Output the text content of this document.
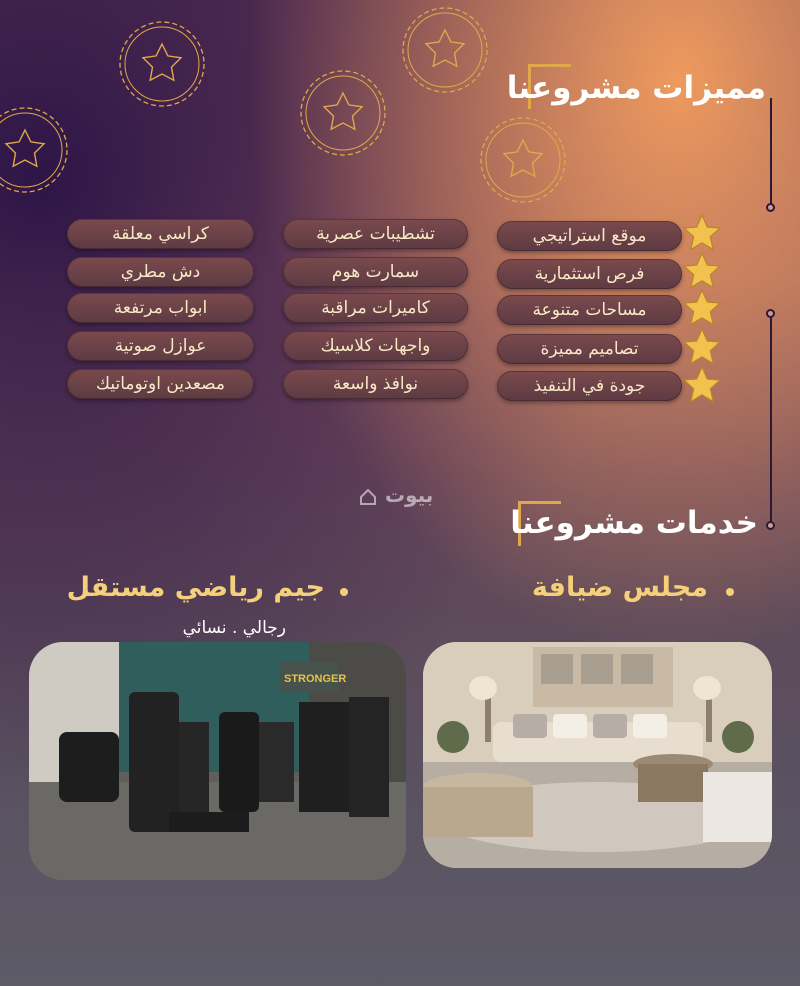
مميزات مشروعنا
موقع استراتيجي
فرص استثمارية
مساحات متنوعة
تصاميم مميزة
جودة في التنفيذ
تشطيبات عصرية
سمارت هوم
كاميرات مراقبة
واجهات كلاسيك
نوافذ واسعة
كراسي معلقة
دش مطري
ابواب مرتفعة
عوازل صوتية
مصعدين اوتوماتيك
بيوت
خدمات مشروعنا
مجلس ضيافة
جيم رياضي مستقل
رجالي . نسائي
STRONGER
